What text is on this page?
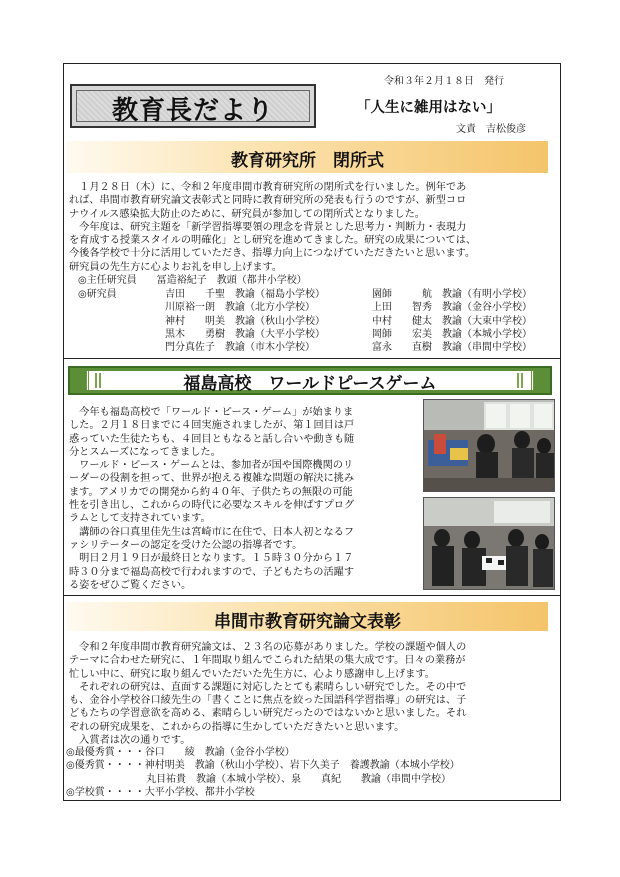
教育長だより
令和３年２月１８日　発行
「人生に雑用はない」
文責　吉松俊彦
教育研究所　閉所式
　１月２８日（木）に、令和２年度串間市教育研究所の閉所式を行いました。例年であ
れば、串間市教育研究論文表彰式と同時に教育研究所の発表も行うのですが、新型コロ
ナウイルス感染拡大防止のために、研究員が参加しての閉所式となりました。
　今年度は、研究主題を「新学習指導要領の理念を背景とした思考力・判断力・表現力
を育成する授業スタイルの明確化」とし研究を進めてきました。研究の成果については、
今後各学校で十分に活用していただき、指導力向上につなげていただきたいと思います。
研究員の先生方に心よりお礼を申し上げます。
◎主任研究員　　冨造裕紀子　教頭（都井小学校）
◎研究員	吉田　　千聖　教諭（福島小学校）
川原裕一朗　教諭（北方小学校）
神村　　明美　教諭（秋山小学校）
黒木　　勇樹　教諭（大平小学校）
門分真佐子　教諭（市木小学校）
園師　　　航　教諭（有明小学校）
上田　　智秀　教諭（金谷小学校）
中村　　健太　教諭（大束中学校）
岡師　　宏美　教諭（本城小学校）
富永　　直樹　教諭（串間中学校）
福島高校　ワールドピースゲーム
　今年も福島高校で「ワールド・ピース・ゲーム」が始まりま
した。２月１８日までに４回実施されましたが、第１回目は戸
惑っていた生徒たちも、４回目ともなると話し合いや動きも随
分とスムーズになってきました。
　ワールド・ピース・ゲームとは、参加者が国や国際機関のリ
ーダーの役割を担って、世界が抱える複雑な問題の解決に挑み
ます。アメリカでの開発から約４０年、子供たちの無限の可能
性を引き出し、これからの時代に必要なスキルを伸ばすプログ
ラムとして支持されています。
　講師の谷口真里佳先生は宮崎市に在住で、日本人初となるフ
ァシリテーターの認定を受けた公認の指導者です。
　明日２月１９日が最終日となります。１５時３０分から１７
時３０分まで福島高校で行われますので、子どもたちの活躍す
る姿をぜひご覧ください。
串間市教育研究論文表彰
　令和２年度串間市教育研究論文は、２３名の応募がありました。学校の課題や個人の
テーマに合わせた研究に、１年間取り組んでこられた結果の集大成です。日々の業務が
忙しい中に、研究に取り組んでいただいた先生方に、心より感謝申し上げます。
　それぞれの研究は、直面する課題に対応したとても素晴らしい研究でした。その中で
も、金谷小学校谷口綾先生の「書くことに焦点を絞った国語科学習指導」の研究は、子
どもたちの学習意欲を高める、素晴らしい研究だったのではないかと思いました。それ
ぞれの研究成果を、これからの指導に生かしていただきたいと思います。
　入賞者は次の通りです。
◎最優秀賞・・・谷口　　綾　教諭（金谷小学校）
◎優秀賞・・・・神村明美　教諭（秋山小学校）、岩下久美子　養護教諭（本城小学校）
　　　　　　　　丸目祐貴　教諭（本城小学校）、泉　　真紀　　教諭（串間中学校）
◎学校賞・・・・大平小学校、都井小学校
